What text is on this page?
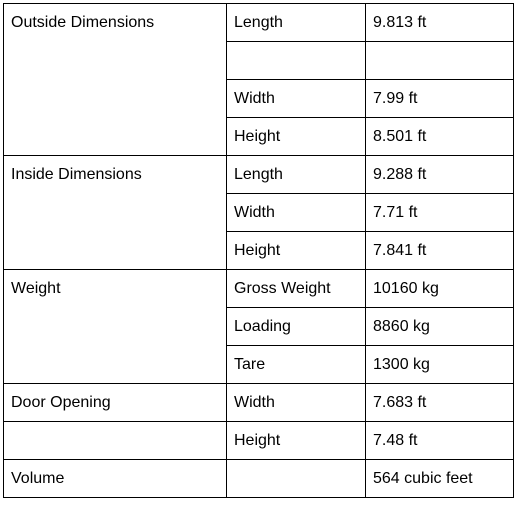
Outside Dimensions	Length	9.813 ft

	Width	7.99 ft
	Height	8.501 ft
Inside Dimensions	Length	9.288 ft
	Width	7.71 ft
	Height	7.841 ft
Weight	Gross Weight	10160 kg
	Loading	8860 kg
	Tare	1300 kg
Door Opening	Width	7.683 ft
	Height	7.48 ft
Volume		564 cubic feet
